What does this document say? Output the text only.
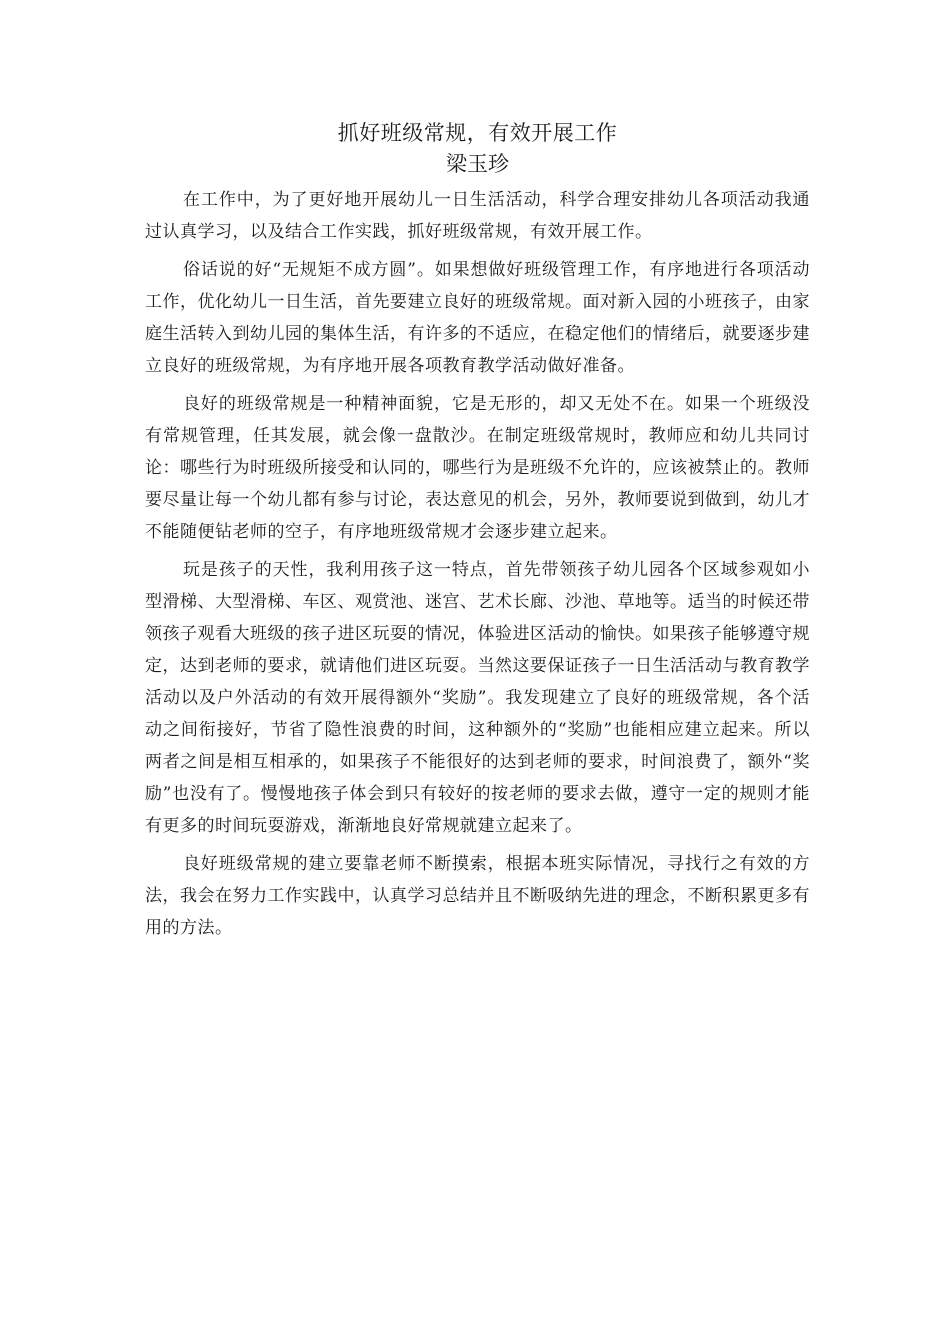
抓好班级常规，有效开展工作
梁玉珍

在工作中，为了更好地开展幼儿一日生活活动，科学合理安排幼儿各项活动我通过认真学习，以及结合工作实践，抓好班级常规，有效开展工作。

俗话说的好“无规矩不成方圆”。如果想做好班级管理工作，有序地进行各项活动工作，优化幼儿一日生活，首先要建立良好的班级常规。面对新入园的小班孩子，由家庭生活转入到幼儿园的集体生活，有许多的不适应，在稳定他们的情绪后，就要逐步建立良好的班级常规，为有序地开展各项教育教学活动做好准备。

良好的班级常规是一种精神面貌，它是无形的，却又无处不在。如果一个班级没有常规管理，任其发展，就会像一盘散沙。在制定班级常规时，教师应和幼儿共同讨论：哪些行为时班级所接受和认同的，哪些行为是班级不允许的，应该被禁止的。教师要尽量让每一个幼儿都有参与讨论，表达意见的机会，另外，教师要说到做到，幼儿才不能随便钻老师的空子，有序地班级常规才会逐步建立起来。

玩是孩子的天性，我利用孩子这一特点，首先带领孩子幼儿园各个区域参观如小型滑梯、大型滑梯、车区、观赏池、迷宫、艺术长廊、沙池、草地等。适当的时候还带领孩子观看大班级的孩子进区玩耍的情况，体验进区活动的愉快。如果孩子能够遵守规定，达到老师的要求，就请他们进区玩耍。当然这要保证孩子一日生活活动与教育教学活动以及户外活动的有效开展得额外“奖励”。我发现建立了良好的班级常规，各个活动之间衔接好，节省了隐性浪费的时间，这种额外的“奖励”也能相应建立起来。所以两者之间是相互相承的，如果孩子不能很好的达到老师的要求，时间浪费了，额外“奖励”也没有了。慢慢地孩子体会到只有较好的按老师的要求去做，遵守一定的规则才能有更多的时间玩耍游戏，渐渐地良好常规就建立起来了。

良好班级常规的建立要靠老师不断摸索，根据本班实际情况，寻找行之有效的方法，我会在努力工作实践中，认真学习总结并且不断吸纳先进的理念，不断积累更多有用的方法。
